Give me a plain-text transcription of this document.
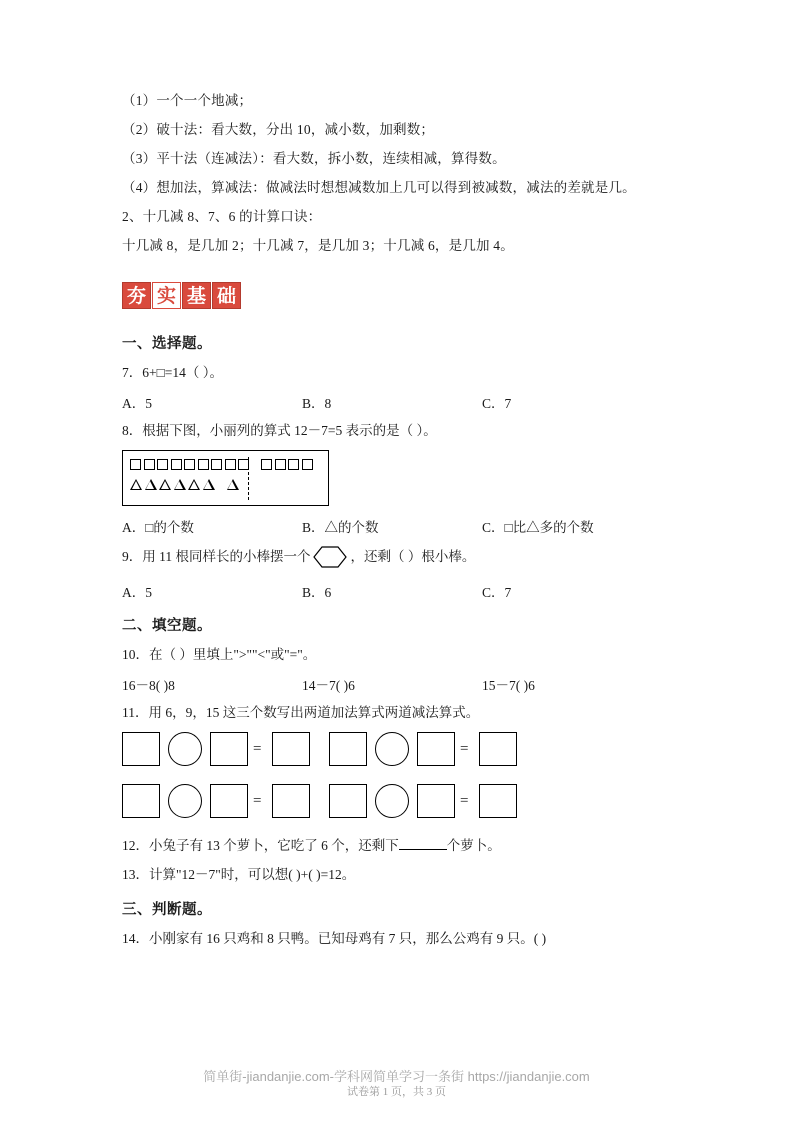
（1）一个一个地减；
（2）破十法：看大数，分出 10，减小数，加剩数；
（3）平十法（连减法）：看大数，拆小数，连续相减，算得数。
（4）想加法，算减法：做减法时想想减数加上几可以得到被减数，减法的差就是几。
2、十几减 8、7、6 的计算口诀：
十几减 8，是几加 2；十几减 7，是几加 3；十几减 6，是几加 4。
夯 实 基 础
一、选择题。
7．6+□=14（ ）。
A．5	B．8	C．7
8．根据下图，小丽列的算式 12－7=5 表示的是（ ）。
A．□的个数	B．△的个数	C．□比△多的个数
9．用 11 根同样长的小棒摆一个	，还剩（ ）根小棒。
A．5	B．6	C．7
二、填空题。
10．在（ ）里填上">""<"或"="。
16－8( )8	14－7( )6	15－7( )6
11．用 6，9，15 这三个数写出两道加法算式两道减法算式。
=	=
=	=
12．小兔子有 13 个萝卜，它吃了 6 个，还剩下	个萝卜。
13．计算"12－7"时，可以想( )+( )=12。
三、判断题。
14．小刚家有 16 只鸡和 8 只鸭。已知母鸡有 7 只，那么公鸡有 9 只。( )
简单街-jiandanjie.com-学科网简单学习一条街 https://jiandanjie.com
试卷第 1 页，共 3 页
